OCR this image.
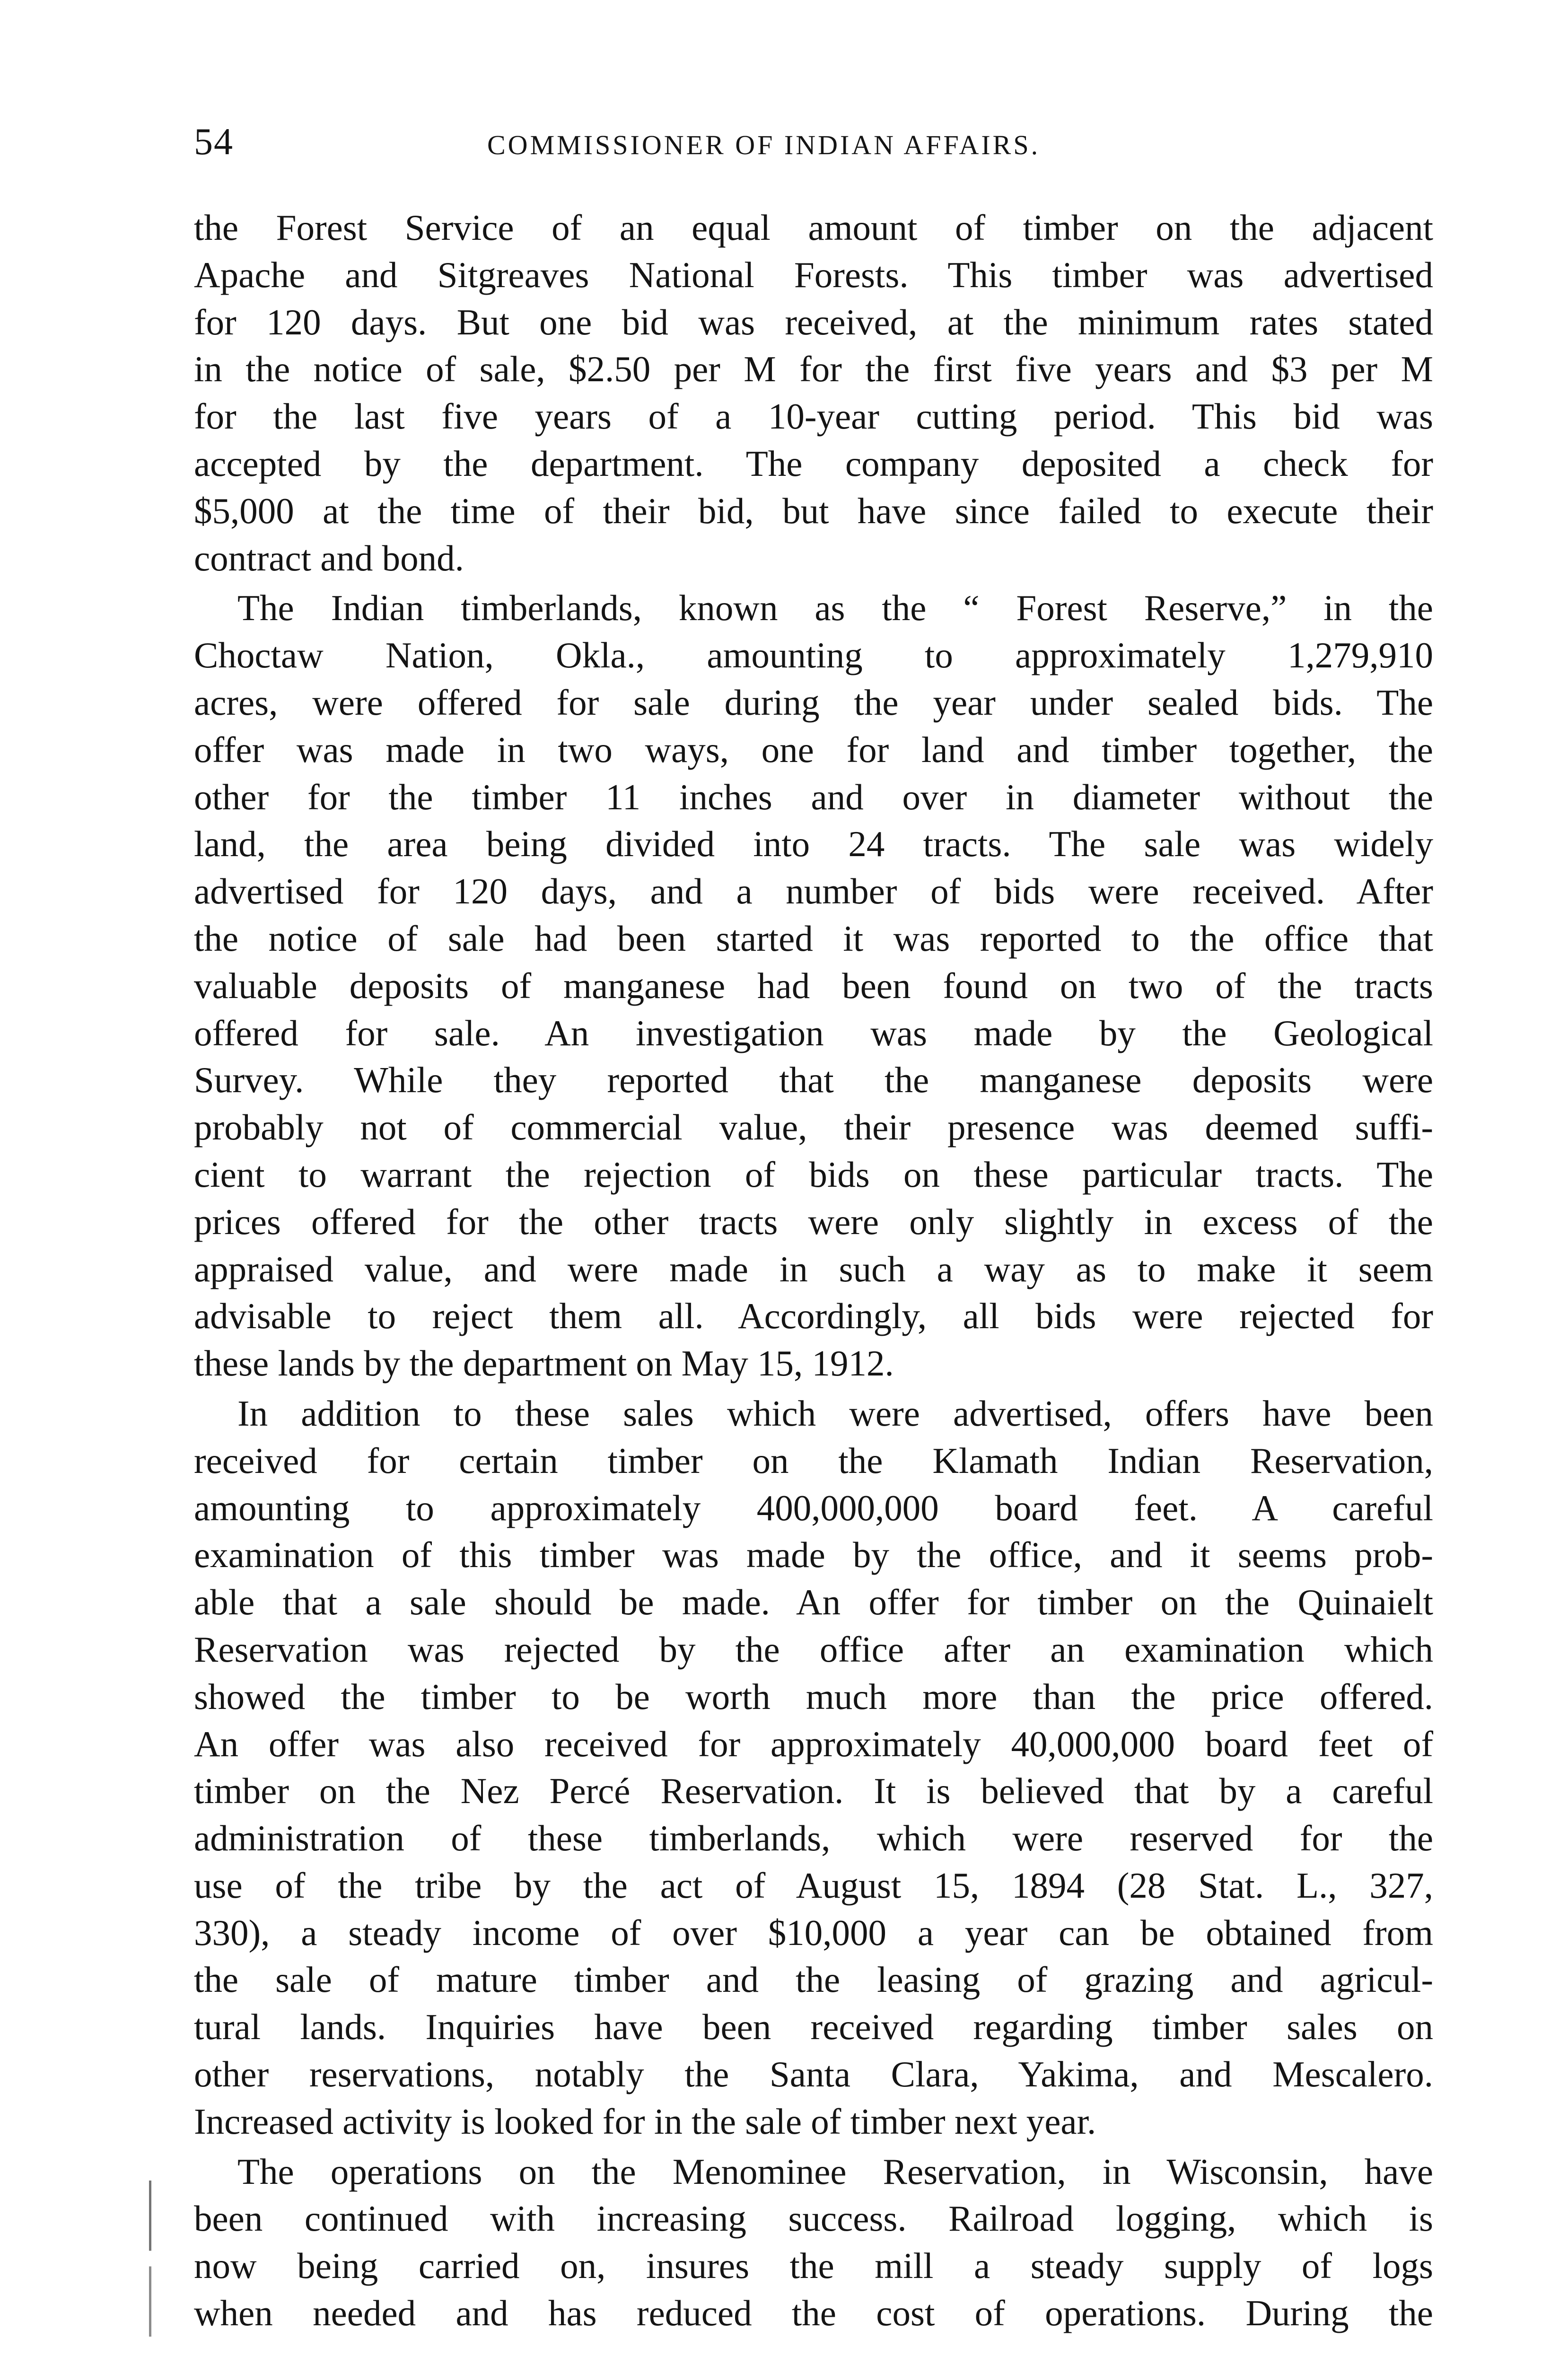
54	COMMISSIONER OF INDIAN AFFAIRS.

the Forest Service of an equal amount of timber on the adjacent
Apache and Sitgreaves National Forests. This timber was advertised
for 120 days. But one bid was received, at the minimum rates stated
in the notice of sale, $2.50 per M for the first five years and $3 per M
for the last five years of a 10-year cutting period. This bid was
accepted by the department. The company deposited a check for
$5,000 at the time of their bid, but have since failed to execute their
contract and bond.

The Indian timberlands, known as the “ Forest Reserve,” in the
Choctaw Nation, Okla., amounting to approximately 1,279,910
acres, were offered for sale during the year under sealed bids. The
offer was made in two ways, one for land and timber together, the
other for the timber 11 inches and over in diameter without the
land, the area being divided into 24 tracts. The sale was widely
advertised for 120 days, and a number of bids were received. After
the notice of sale had been started it was reported to the office that
valuable deposits of manganese had been found on two of the tracts
offered for sale. An investigation was made by the Geological
Survey. While they reported that the manganese deposits were
probably not of commercial value, their presence was deemed suffi-
cient to warrant the rejection of bids on these particular tracts. The
prices offered for the other tracts were only slightly in excess of the
appraised value, and were made in such a way as to make it seem
advisable to reject them all. Accordingly, all bids were rejected for
these lands by the department on May 15, 1912.

In addition to these sales which were advertised, offers have been
received for certain timber on the Klamath Indian Reservation,
amounting to approximately 400,000,000 board feet. A careful
examination of this timber was made by the office, and it seems prob-
able that a sale should be made. An offer for timber on the Quinaielt
Reservation was rejected by the office after an examination which
showed the timber to be worth much more than the price offered.
An offer was also received for approximately 40,000,000 board feet of
timber on the Nez Percé Reservation. It is believed that by a careful
administration of these timberlands, which were reserved for the
use of the tribe by the act of August 15, 1894 (28 Stat. L., 327,
330), a steady income of over $10,000 a year can be obtained from
the sale of mature timber and the leasing of grazing and agricul-
tural lands. Inquiries have been received regarding timber sales on
other reservations, notably the Santa Clara, Yakima, and Mescalero.
Increased activity is looked for in the sale of timber next year.

The operations on the Menominee Reservation, in Wisconsin, have
been continued with increasing success. Railroad logging, which is
now being carried on, insures the mill a steady supply of logs
when needed and has reduced the cost of operations. During the
